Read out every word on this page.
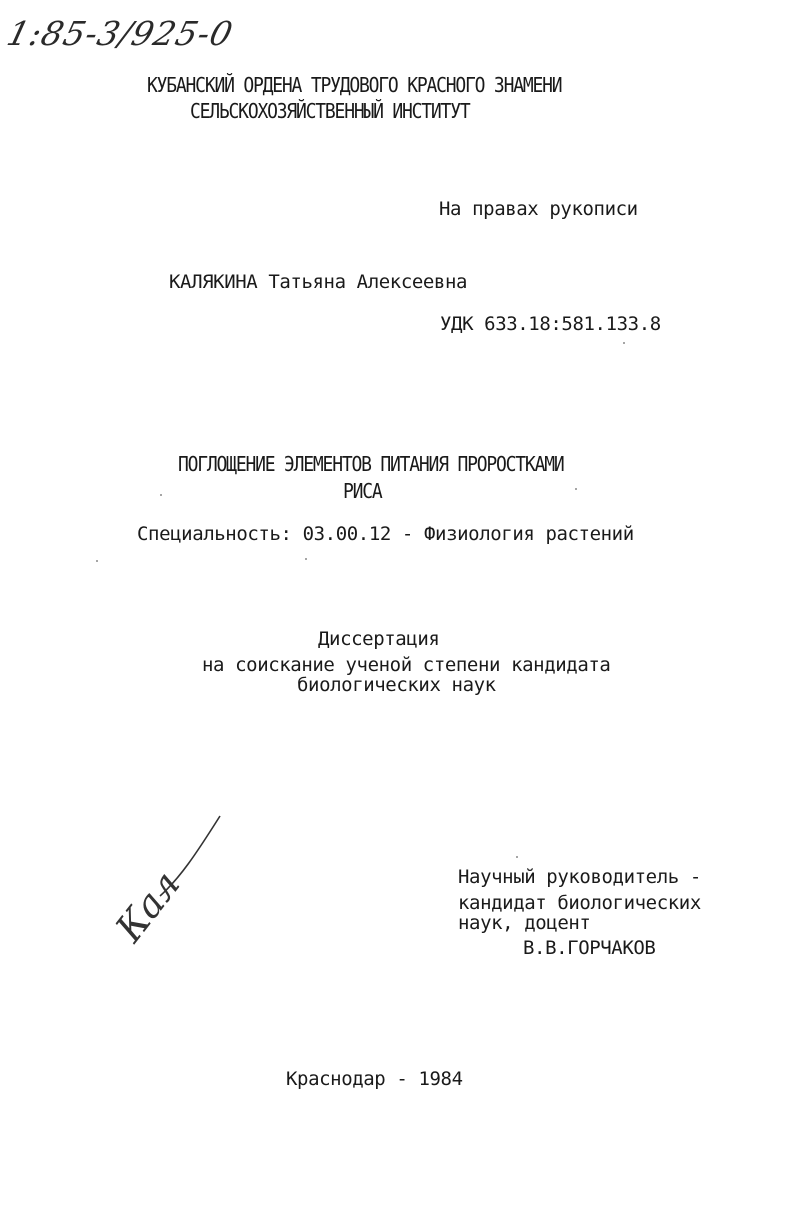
1:85-3/925-0
КУБАНСКИЙ ОРДЕНА ТРУДОВОГО КРАСНОГО ЗНАМЕНИ
СЕЛЬСКОХОЗЯЙСТВЕННЫЙ ИНСТИТУТ
На правах рукописи
КАЛЯКИНА Татьяна Алексеевна
УДК 633.18:581.133.8
ПОГЛОЩЕНИЕ ЭЛЕМЕНТОВ ПИТАНИЯ ПРОРОСТКАМИ
РИСА
Специальность: 03.00.12 - Физиология растений
Диссертация
на соискание ученой степени кандидата
биологических наук
Кал	Научный руководитель -
кандидат биологических
наук, доцент
В.В.ГОРЧАКОВ
Краснодар - 1984
